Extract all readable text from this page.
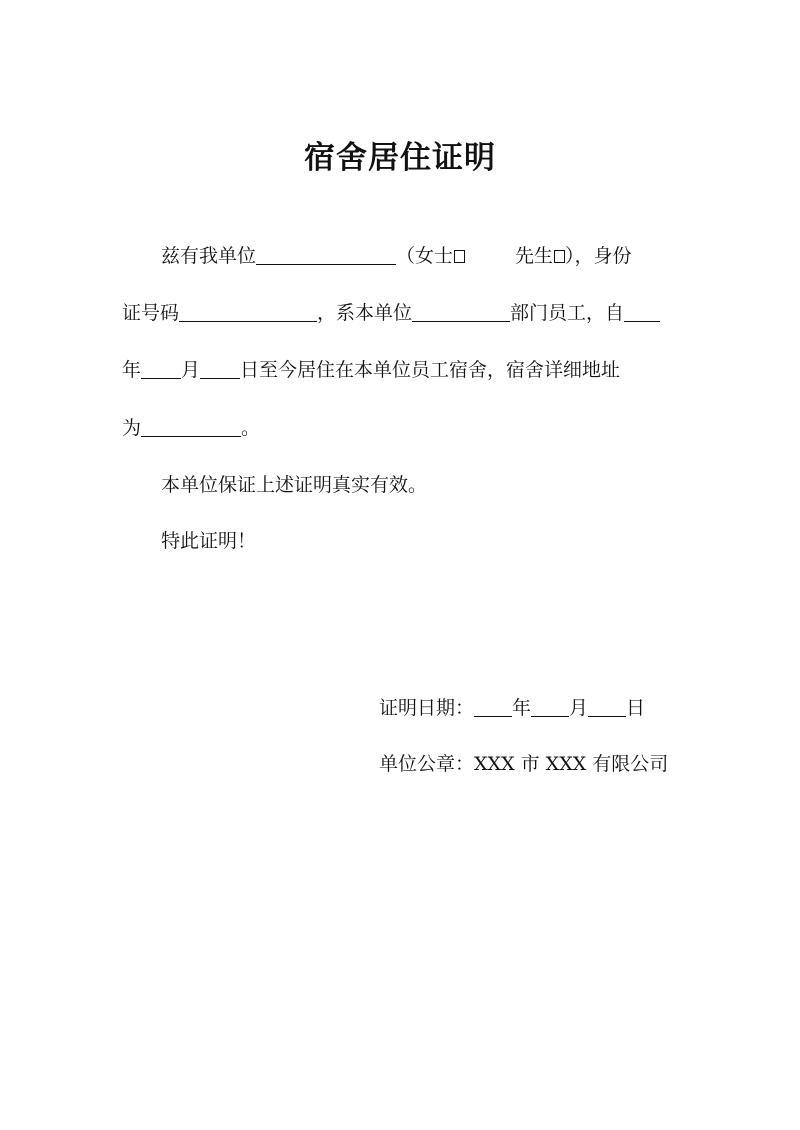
宿舍居住证明
兹有我单位	（女士	先生 ），身份
证号码	，系本单位	部门员工，自
年 月 日至今居住在本单位员工宿舍，宿舍详细地址
为	。
本单位保证上述证明真实有效。
特此证明！
证明日期： 年 月 日
单位公章：XXX 市 XXX 有限公司
